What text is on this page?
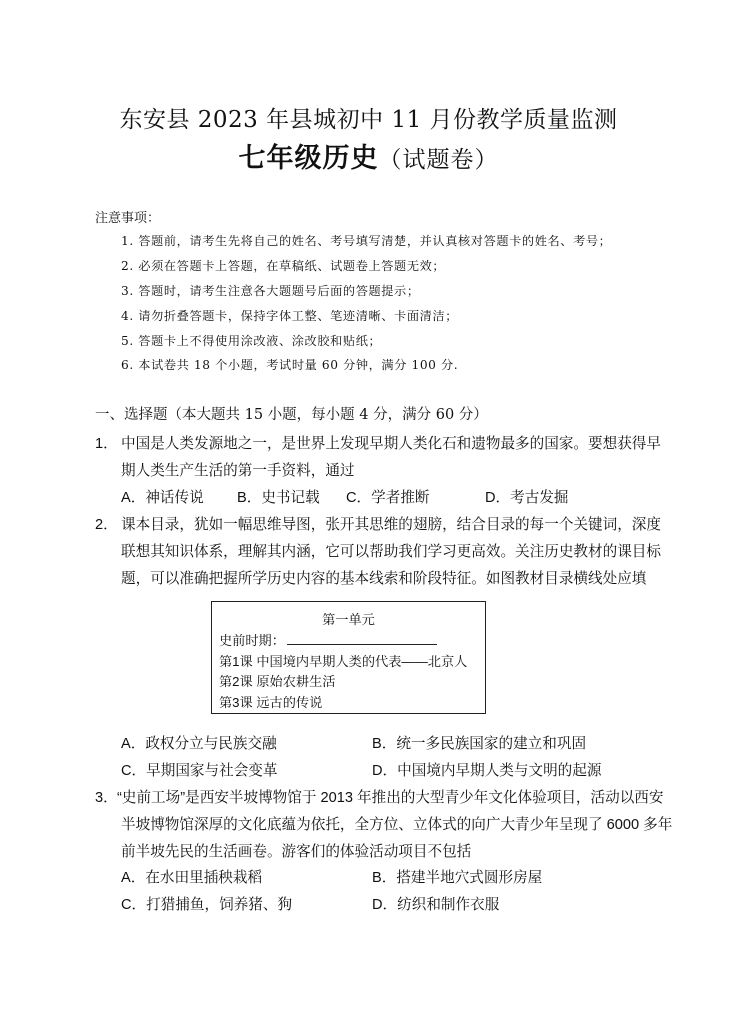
东安县 2023 年县城初中 11 月份教学质量监测
七年级历史（试题卷）
注意事项：
1. 答题前，请考生先将自己的姓名、考号填写清楚，并认真核对答题卡的姓名、考号；
2. 必须在答题卡上答题，在草稿纸、试题卷上答题无效；
3. 答题时，请考生注意各大题题号后面的答题提示；
4. 请勿折叠答题卡，保持字体工整、笔迹清晰、卡面清洁；
5. 答题卡上不得使用涂改液、涂改胶和贴纸；
6. 本试卷共 18 个小题，考试时量 60 分钟，满分 100 分.
一、选择题（本大题共 15 小题，每小题 4 分，满分 60 分）
1． 中国是人类发源地之一，是世界上发现早期人类化石和遗物最多的国家。要想获得早
期人类生产生活的第一手资料，通过
A．神话传说 B．史书记载 C．学者推断	D．考古发掘
2． 课本目录，犹如一幅思维导图，张开其思维的翅膀，结合目录的每一个关键词，深度
联想其知识体系，理解其内涵，它可以帮助我们学习更高效。关注历史教材的课目标
题，可以准确把握所学历史内容的基本线索和阶段特征。如图教材目录横线处应填
第一单元
史前时期：
第1课 中国境内早期人类的代表——北京人
第2课 原始农耕生活
第3课 远古的传说
A．政权分立与民族交融	B．统一多民族国家的建立和巩固
C．早期国家与社会变革	D．中国境内早期人类与文明的起源
3． “史前工场”是西安半坡博物馆于 2013 年推出的大型青少年文化体验项目，活动以西安
半坡博物馆深厚的文化底蕴为依托，全方位、立体式的向广大青少年呈现了 6000 多年
前半坡先民的生活画卷。游客们的体验活动项目不包括
A．在水田里插秧栽稻	B．搭建半地穴式圆形房屋
C．打猎捕鱼，饲养猪、狗	D．纺织和制作衣服
